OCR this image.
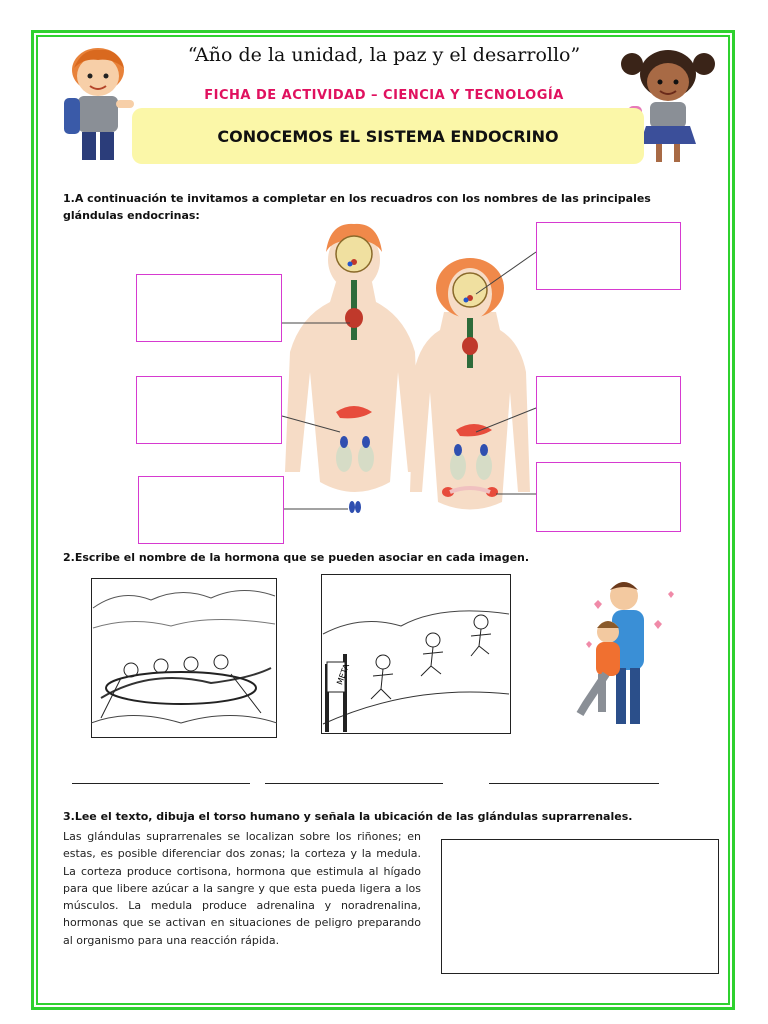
“Año de la unidad, la paz y el desarrollo”
FICHA DE ACTIVIDAD – CIENCIA Y TECNOLOGÍA
CONOCEMOS EL SISTEMA ENDOCRINO
1.A continuación te invitamos a completar en los recuadros con los nombres de las principales glándulas endocrinas:
2.Escribe el nombre de la hormona que se pueden asociar en cada imagen.
META
3.Lee el texto, dibuja el torso humano y señala la ubicación de las glándulas suprarrenales.
Las glándulas suprarrenales se localizan sobre los riñones; en estas, es posible diferenciar dos zonas; la corteza y la medula. La corteza produce cortisona, hormona que estimula al hígado para que libere azúcar a la sangre y que esta pueda ligera a los músculos. La medula produce adrenalina y noradrenalina, hormonas que se activan en situaciones de peligro preparando al organismo para una reacción rápida.
